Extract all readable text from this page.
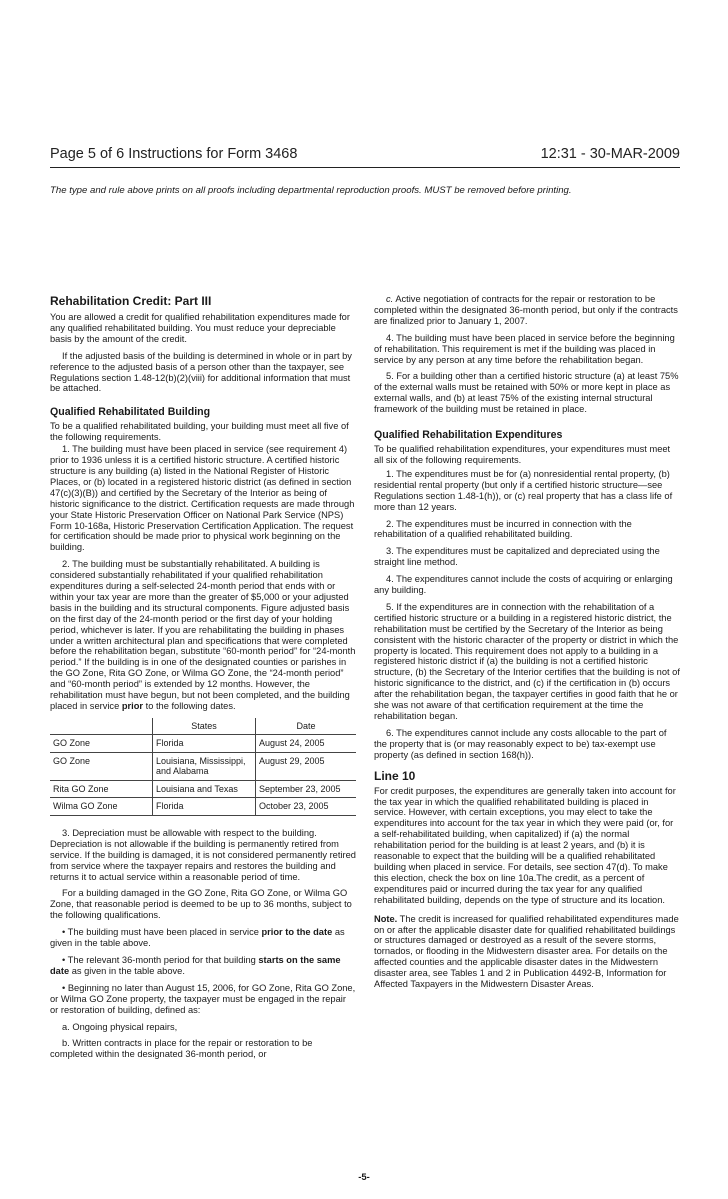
Page 5 of 6 Instructions for Form 3468	12:31 - 30-MAR-2009
The type and rule above prints on all proofs including departmental reproduction proofs. MUST be removed before printing.
Rehabilitation Credit: Part III

You are allowed a credit for qualified rehabilitation expenditures made for any qualified rehabilitated building. You must reduce your depreciable basis by the amount of the credit.

If the adjusted basis of the building is determined in whole or in part by reference to the adjusted basis of a person other than the taxpayer, see Regulations section 1.48-12(b)(2)(viii) for additional information that must be attached.

Qualified Rehabilitated Building

To be a qualified rehabilitated building, your building must meet all five of the following requirements.

1. The building must have been placed in service (see requirement 4) prior to 1936 unless it is a certified historic structure. A certified historic structure is any building (a) listed in the National Register of Historic Places, or (b) located in a registered historic district (as defined in section 47(c)(3)(B)) and certified by the Secretary of the Interior as being of historic significance to the district. Certification requests are made through your State Historic Preservation Officer on National Park Service (NPS) Form 10-168a, Historic Preservation Certification Application. The request for certification should be made prior to physical work beginning on the building.

2. The building must be substantially rehabilitated. A building is considered substantially rehabilitated if your qualified rehabilitation expenditures during a self-selected 24-month period that ends with or within your tax year are more than the greater of $5,000 or your adjusted basis in the building and its structural components. Figure adjusted basis on the first day of the 24-month period or the first day of your holding period, whichever is later. If you are rehabilitating the building in phases under a written architectural plan and specifications that were completed before the rehabilitation began, substitute “60-month period” for “24-month period.” If the building is in one of the designated counties or parishes in the GO Zone, Rita GO Zone, or Wilma GO Zone, the “24-month period” and “60-month period” is extended by 12 months. However, the rehabilitation must have begun, but not been completed, and the building placed in service prior to the following dates.

	States	Date
GO Zone	Florida	August 24, 2005
GO Zone	Louisiana, Mississippi, and Alabama	August 29, 2005
Rita GO Zone	Louisiana and Texas	September 23, 2005
Wilma GO Zone	Florida	October 23, 2005

3. Depreciation must be allowable with respect to the building. Depreciation is not allowable if the building is permanently retired from service. If the building is damaged, it is not considered permanently retired from service where the taxpayer repairs and restores the building and returns it to actual service within a reasonable period of time.

For a building damaged in the GO Zone, Rita GO Zone, or Wilma GO Zone, that reasonable period is deemed to be up to 36 months, subject to the following qualifications.

• The building must have been placed in service prior to the date as given in the table above.

• The relevant 36-month period for that building starts on the same date as given in the table above.

• Beginning no later than August 15, 2006, for GO Zone, Rita GO Zone, or Wilma GO Zone property, the taxpayer must be engaged in the repair or restoration of building, defined as:

a. Ongoing physical repairs,

b. Written contracts in place for the repair or restoration to be completed within the designated 36-month period, or

c. Active negotiation of contracts for the repair or restoration to be completed within the designated 36-month period, but only if the contracts are finalized prior to January 1, 2007.

4. The building must have been placed in service before the beginning of rehabilitation. This requirement is met if the building was placed in service by any person at any time before the rehabilitation began.

5. For a building other than a certified historic structure (a) at least 75% of the external walls must be retained with 50% or more kept in place as external walls, and (b) at least 75% of the existing internal structural framework of the building must be retained in place.

Qualified Rehabilitation Expenditures

To be qualified rehabilitation expenditures, your expenditures must meet all six of the following requirements.

1. The expenditures must be for (a) nonresidential rental property, (b) residential rental property (but only if a certified historic structure—see Regulations section 1.48-1(h)), or (c) real property that has a class life of more than 12 years.

2. The expenditures must be incurred in connection with the rehabilitation of a qualified rehabilitated building.

3. The expenditures must be capitalized and depreciated using the straight line method.

4. The expenditures cannot include the costs of acquiring or enlarging any building.

5. If the expenditures are in connection with the rehabilitation of a certified historic structure or a building in a registered historic district, the rehabilitation must be certified by the Secretary of the Interior as being consistent with the historic character of the property or district in which the property is located. This requirement does not apply to a building in a registered historic district if (a) the building is not a certified historic structure, (b) the Secretary of the Interior certifies that the building is not of historic significance to the district, and (c) if the certification in (b) occurs after the rehabilitation began, the taxpayer certifies in good faith that he or she was not aware of that certification requirement at the time the rehabilitation began.

6. The expenditures cannot include any costs allocable to the part of the property that is (or may reasonably expect to be) tax-exempt use property (as defined in section 168(h)).

Line 10

For credit purposes, the expenditures are generally taken into account for the tax year in which the qualified rehabilitated building is placed in service. However, with certain exceptions, you may elect to take the expenditures into account for the tax year in which they were paid (or, for a self-rehabilitated building, when capitalized) if (a) the normal rehabilitation period for the building is at least 2 years, and (b) it is reasonable to expect that the building will be a qualified rehabilitated building when placed in service. For details, see section 47(d). To make this election, check the box on line 10a.The credit, as a percent of expenditures paid or incurred during the tax year for any qualified rehabilitated building, depends on the type of structure and its location.

Note. The credit is increased for qualified rehabilitated expenditures made on or after the applicable disaster date for qualified rehabilitated buildings or structures damaged or destroyed as a result of the severe storms, tornados, or flooding in the Midwestern disaster area. For details on the affected counties and the applicable disaster dates in the Midwestern disaster area, see Tables 1 and 2 in Publication 4492-B, Information for Affected Taxpayers in the Midwestern Disaster Areas.

-5-
